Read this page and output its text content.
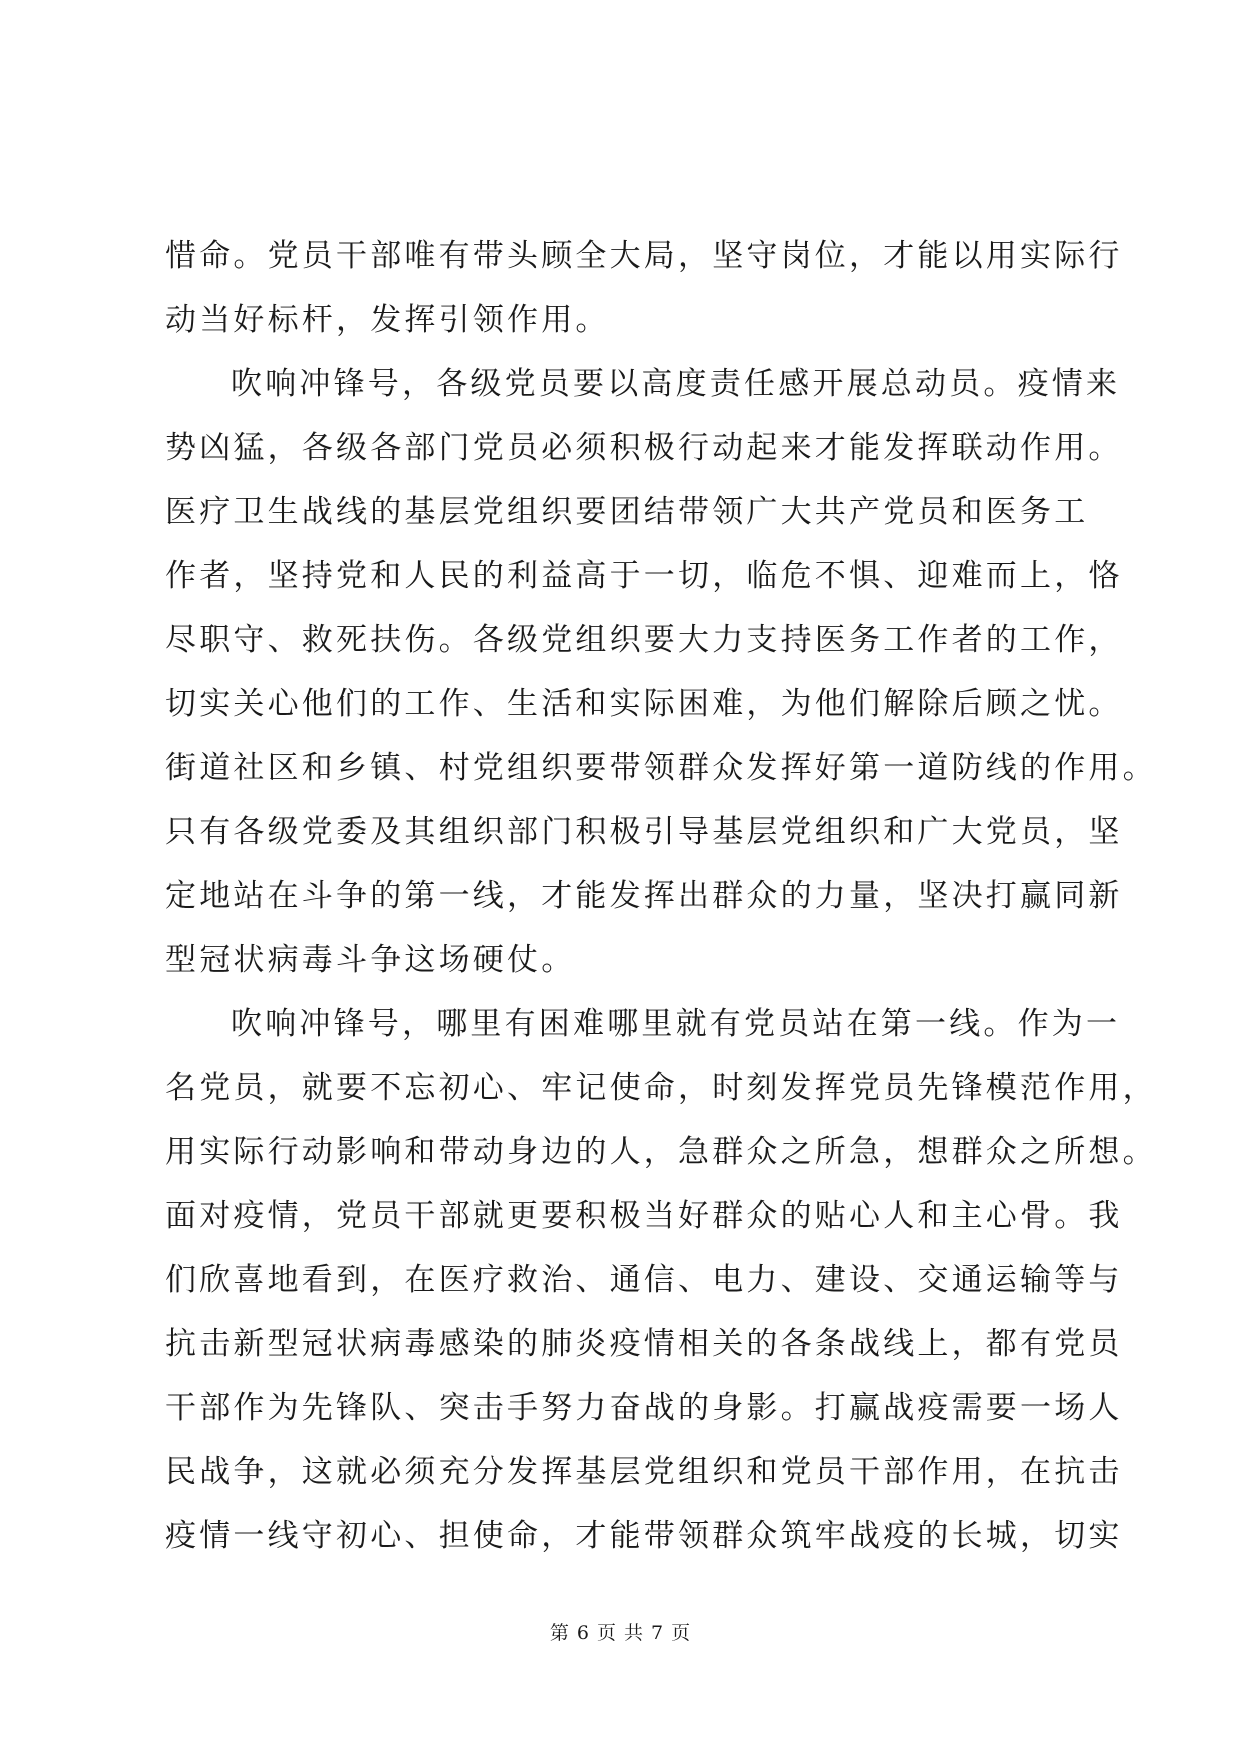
惜命。党员干部唯有带头顾全大局，坚守岗位，才能以用实际行
动当好标杆，发挥引领作用。
吹响冲锋号，各级党员要以高度责任感开展总动员。疫情来
势凶猛，各级各部门党员必须积极行动起来才能发挥联动作用。
医疗卫生战线的基层党组织要团结带领广大共产党员和医务工
作者，坚持党和人民的利益高于一切，临危不惧、迎难而上，恪
尽职守、救死扶伤。各级党组织要大力支持医务工作者的工作，
切实关心他们的工作、生活和实际困难，为他们解除后顾之忧。
街道社区和乡镇、村党组织要带领群众发挥好第一道防线的作用。
只有各级党委及其组织部门积极引导基层党组织和广大党员，坚
定地站在斗争的第一线，才能发挥出群众的力量，坚决打赢同新
型冠状病毒斗争这场硬仗。
吹响冲锋号，哪里有困难哪里就有党员站在第一线。作为一
名党员，就要不忘初心、牢记使命，时刻发挥党员先锋模范作用，
用实际行动影响和带动身边的人，急群众之所急，想群众之所想。
面对疫情，党员干部就更要积极当好群众的贴心人和主心骨。我
们欣喜地看到，在医疗救治、通信、电力、建设、交通运输等与
抗击新型冠状病毒感染的肺炎疫情相关的各条战线上，都有党员
干部作为先锋队、突击手努力奋战的身影。打赢战疫需要一场人
民战争，这就必须充分发挥基层党组织和党员干部作用，在抗击
疫情一线守初心、担使命，才能带领群众筑牢战疫的长城，切实
第 6 页 共 7 页
